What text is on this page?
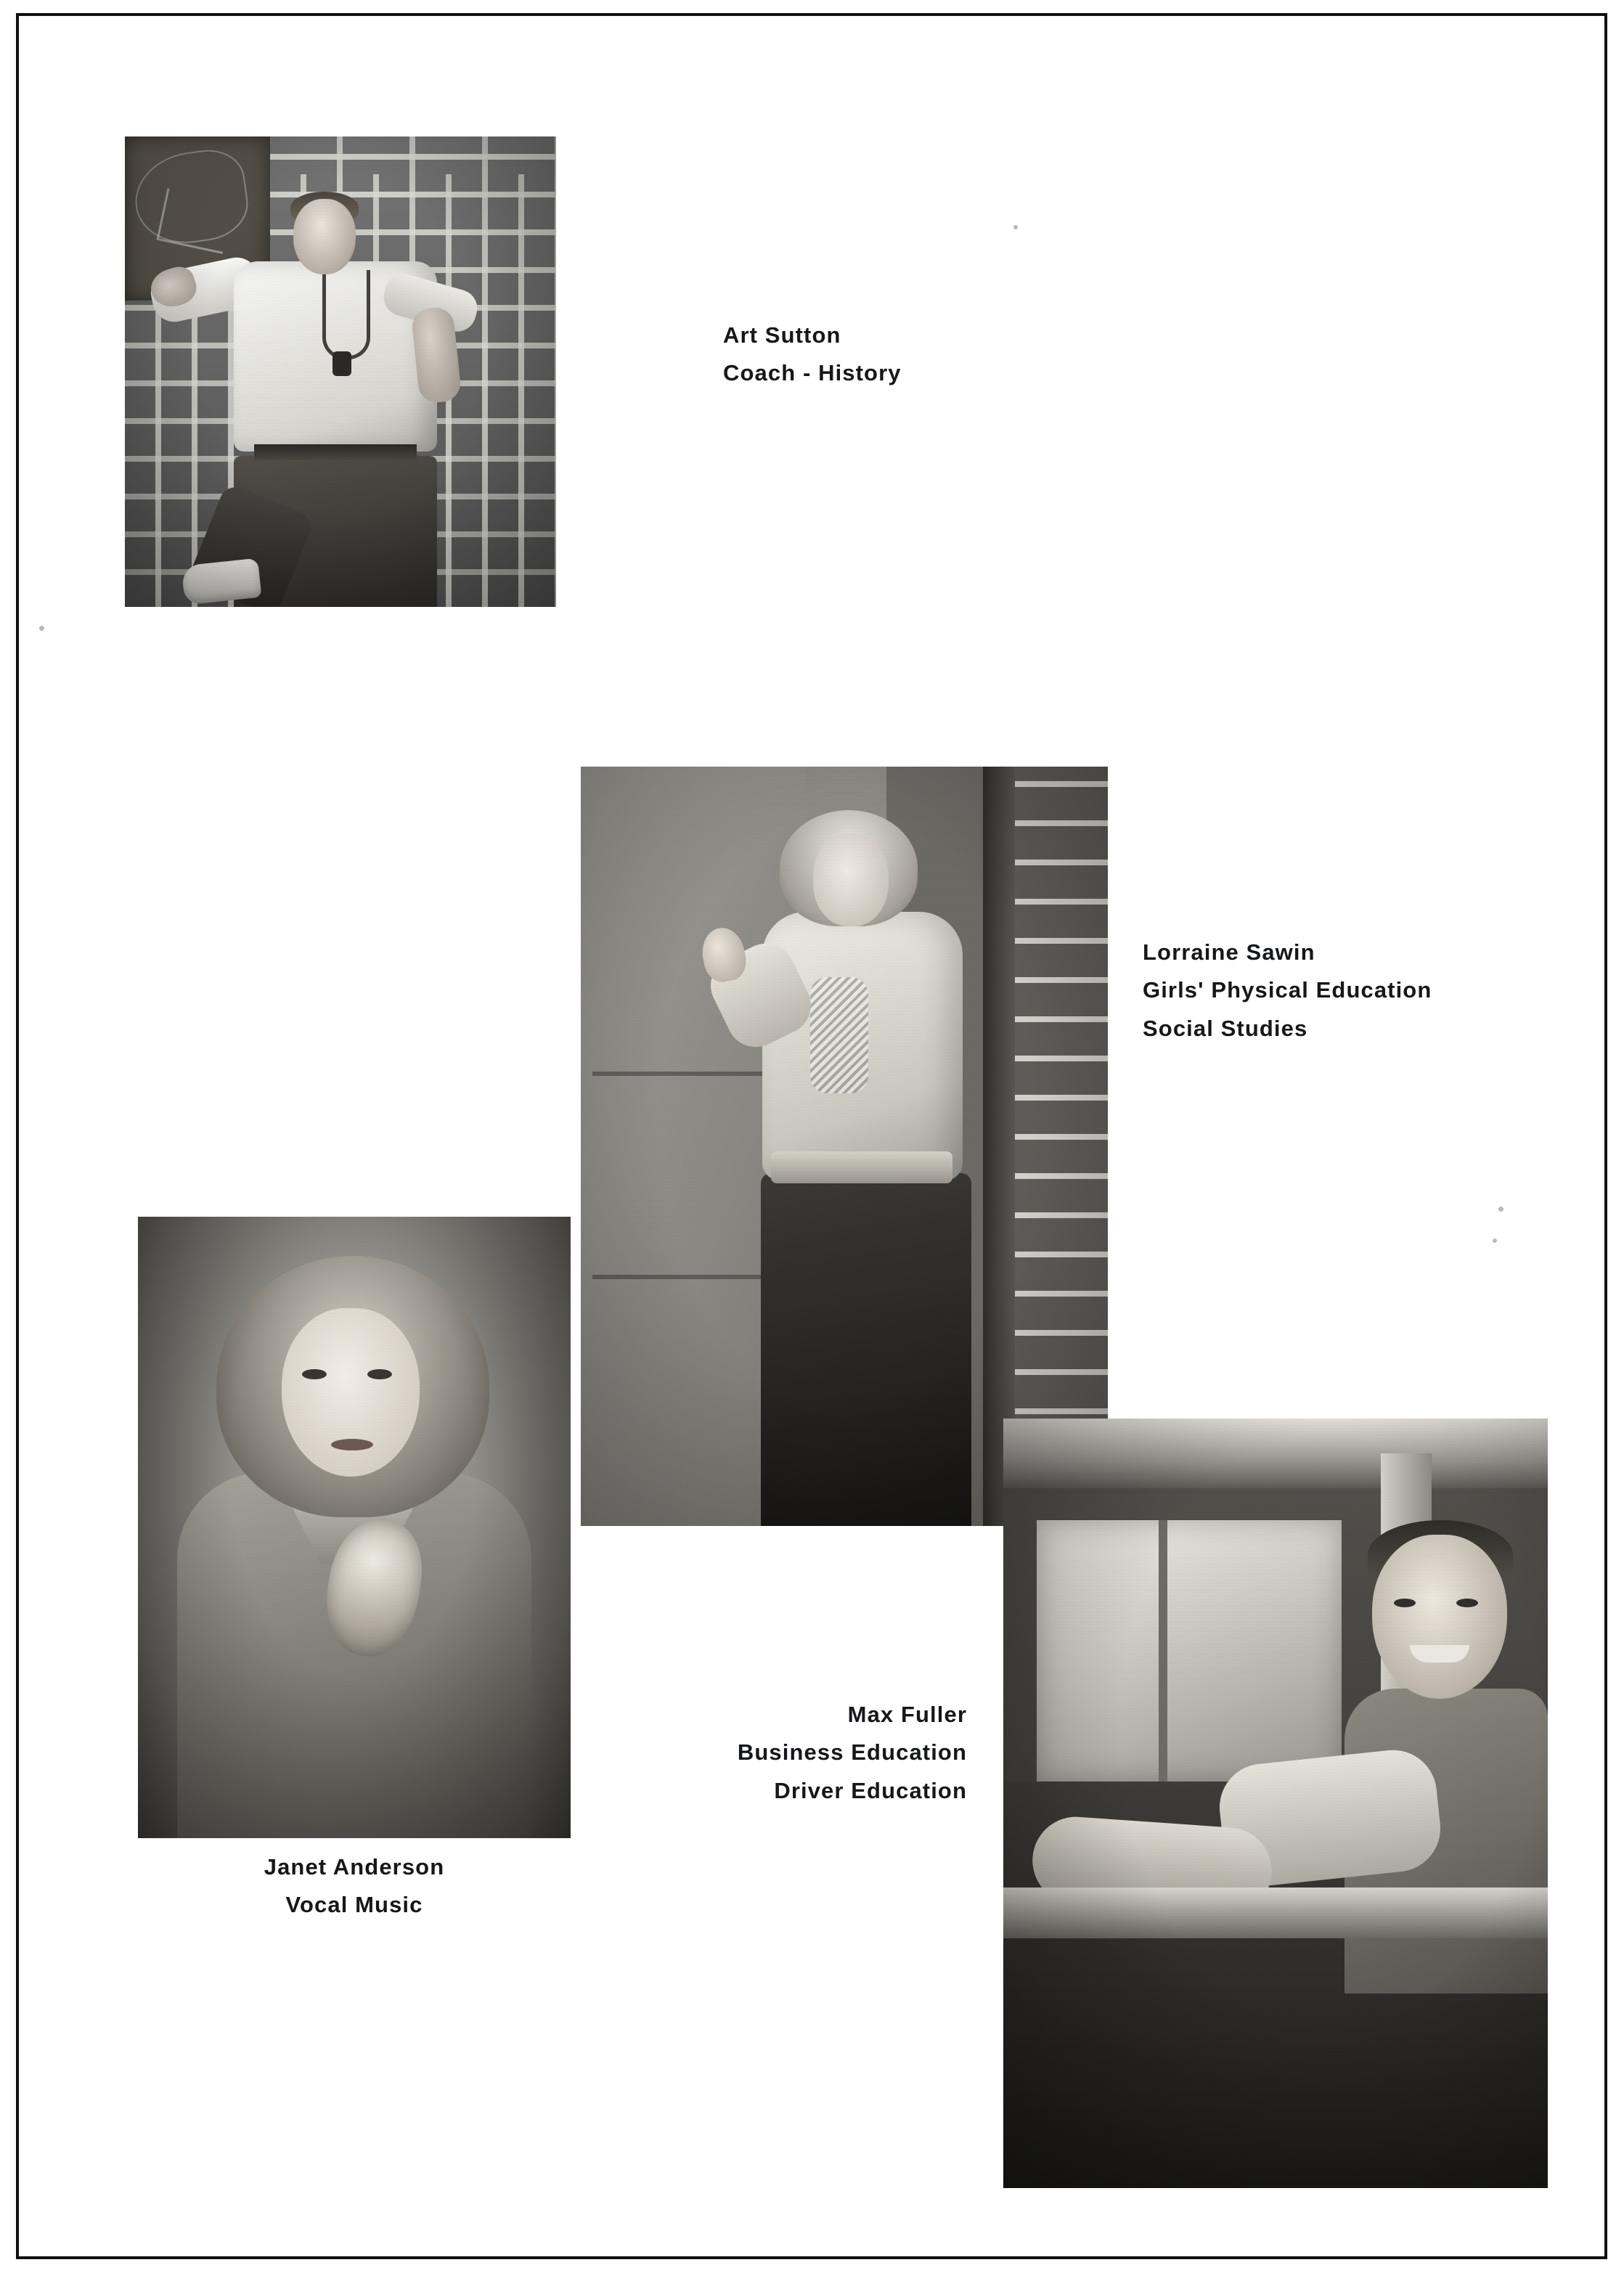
Art Sutton
Coach - History
Lorraine Sawin
Girls' Physical Education
Social Studies
Janet Anderson
Vocal Music
Max Fuller
Business Education
Driver Education
